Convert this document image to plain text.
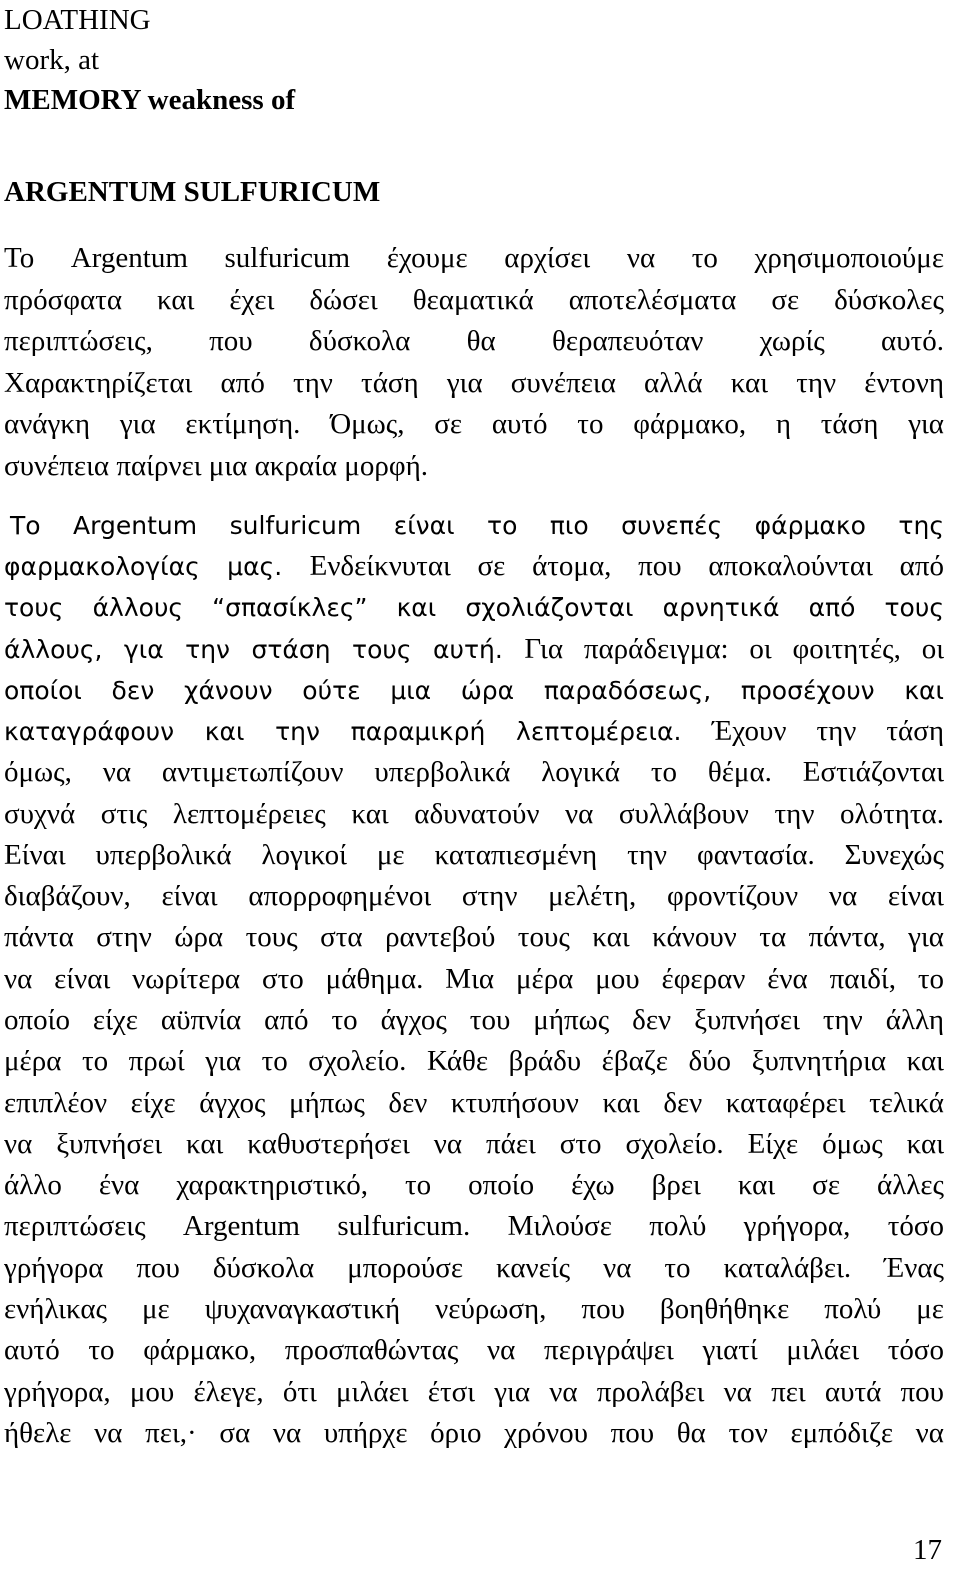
LOATHING

work, at

MEMORY weakness of

ARGENTUM SULFURICUM

Το Argentum sulfuricum έχουμε αρχίσει να το χρησιμοποιούμε
πρόσφατα και έχει δώσει θεαματικά αποτελέσματα σε δύσκολες
περιπτώσεις, που δύσκολα θα θεραπευόταν χωρίς αυτό.
Χαρακτηρίζεται από την τάση για συνέπεια αλλά και την έντονη
ανάγκη για εκτίμηση. Όμως, σε αυτό το φάρμακο, η τάση για
συνέπεια παίρνει μια ακραία μορφή.

Το Argentum sulfuricum είναι το πιο συνεπές φάρμακο της
φαρμακολογίας μας. Ενδείκνυται σε άτομα, που αποκαλούνται από
τους άλλους “σπασίκλες” και σχολιάζονται αρνητικά από τους
άλλους, για την στάση τους αυτή. Για παράδειγμα: οι φοιτητές, οι
οποίοι δεν χάνουν ούτε μια ώρα παραδόσεως, προσέχουν και
καταγράφουν και την παραμικρή λεπτομέρεια. Έχουν την τάση

όμως, να αντιμετωπίζουν υπερβολικά λογικά το θέμα. Εστιάζονται
συχνά στις λεπτομέρειες και αδυνατούν να συλλάβουν την ολότητα.
Είναι υπερβολικά λογικοί με καταπιεσμένη την φαντασία. Συνεχώς
διαβάζουν, είναι απορροφημένοι στην μελέτη, φροντίζουν να είναι
πάντα στην ώρα τους στα ραντεβού τους και κάνουν τα πάντα, για
να είναι νωρίτερα στο μάθημα. Μια μέρα μου έφεραν ένα παιδί, το
οποίο είχε αϋπνία από το άγχος του μήπως δεν ξυπνήσει την άλλη
μέρα το πρωί για το σχολείο. Κάθε βράδυ έβαζε δύο ξυπνητήρια και
επιπλέον είχε άγχος μήπως δεν κτυπήσουν και δεν καταφέρει τελικά
να ξυπνήσει και καθυστερήσει να πάει στο σχολείο. Είχε όμως και
άλλο ένα χαρακτηριστικό, το οποίο έχω βρει και σε άλλες
περιπτώσεις Argentum sulfuricum. Μιλούσε πολύ γρήγορα, τόσο
γρήγορα που δύσκολα μπορούσε κανείς να το καταλάβει. Ένας
ενήλικας με ψυχαναγκαστική νεύρωση, που βοηθήθηκε πολύ με
αυτό το φάρμακο, προσπαθώντας να περιγράψει γιατί μιλάει τόσο
γρήγορα, μου έλεγε, ότι μιλάει έτσι για να προλάβει να πει αυτά που
ήθελε να πει,· σα να υπήρχε όριο χρόνου που θα τον εμπόδιζε να

17
